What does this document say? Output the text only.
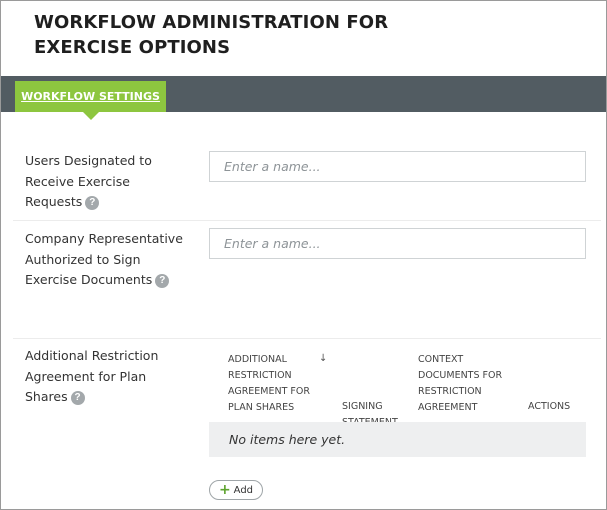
WORKFLOW ADMINISTRATION FOR EXERCISE OPTIONS
WORKFLOW SETTINGS
Users Designated to Receive Exercise Requests ?
Enter a name...
Company Representative Authorized to Sign Exercise Documents ?
Enter a name...
Additional Restriction Agreement for Plan Shares ?
ADDITIONAL RESTRICTION AGREEMENT FOR PLAN SHARES
↓
SIGNING
CONTEXT DOCUMENTS FOR RESTRICTION AGREEMENT	ACTIONS
No items here yet.
+ Add
